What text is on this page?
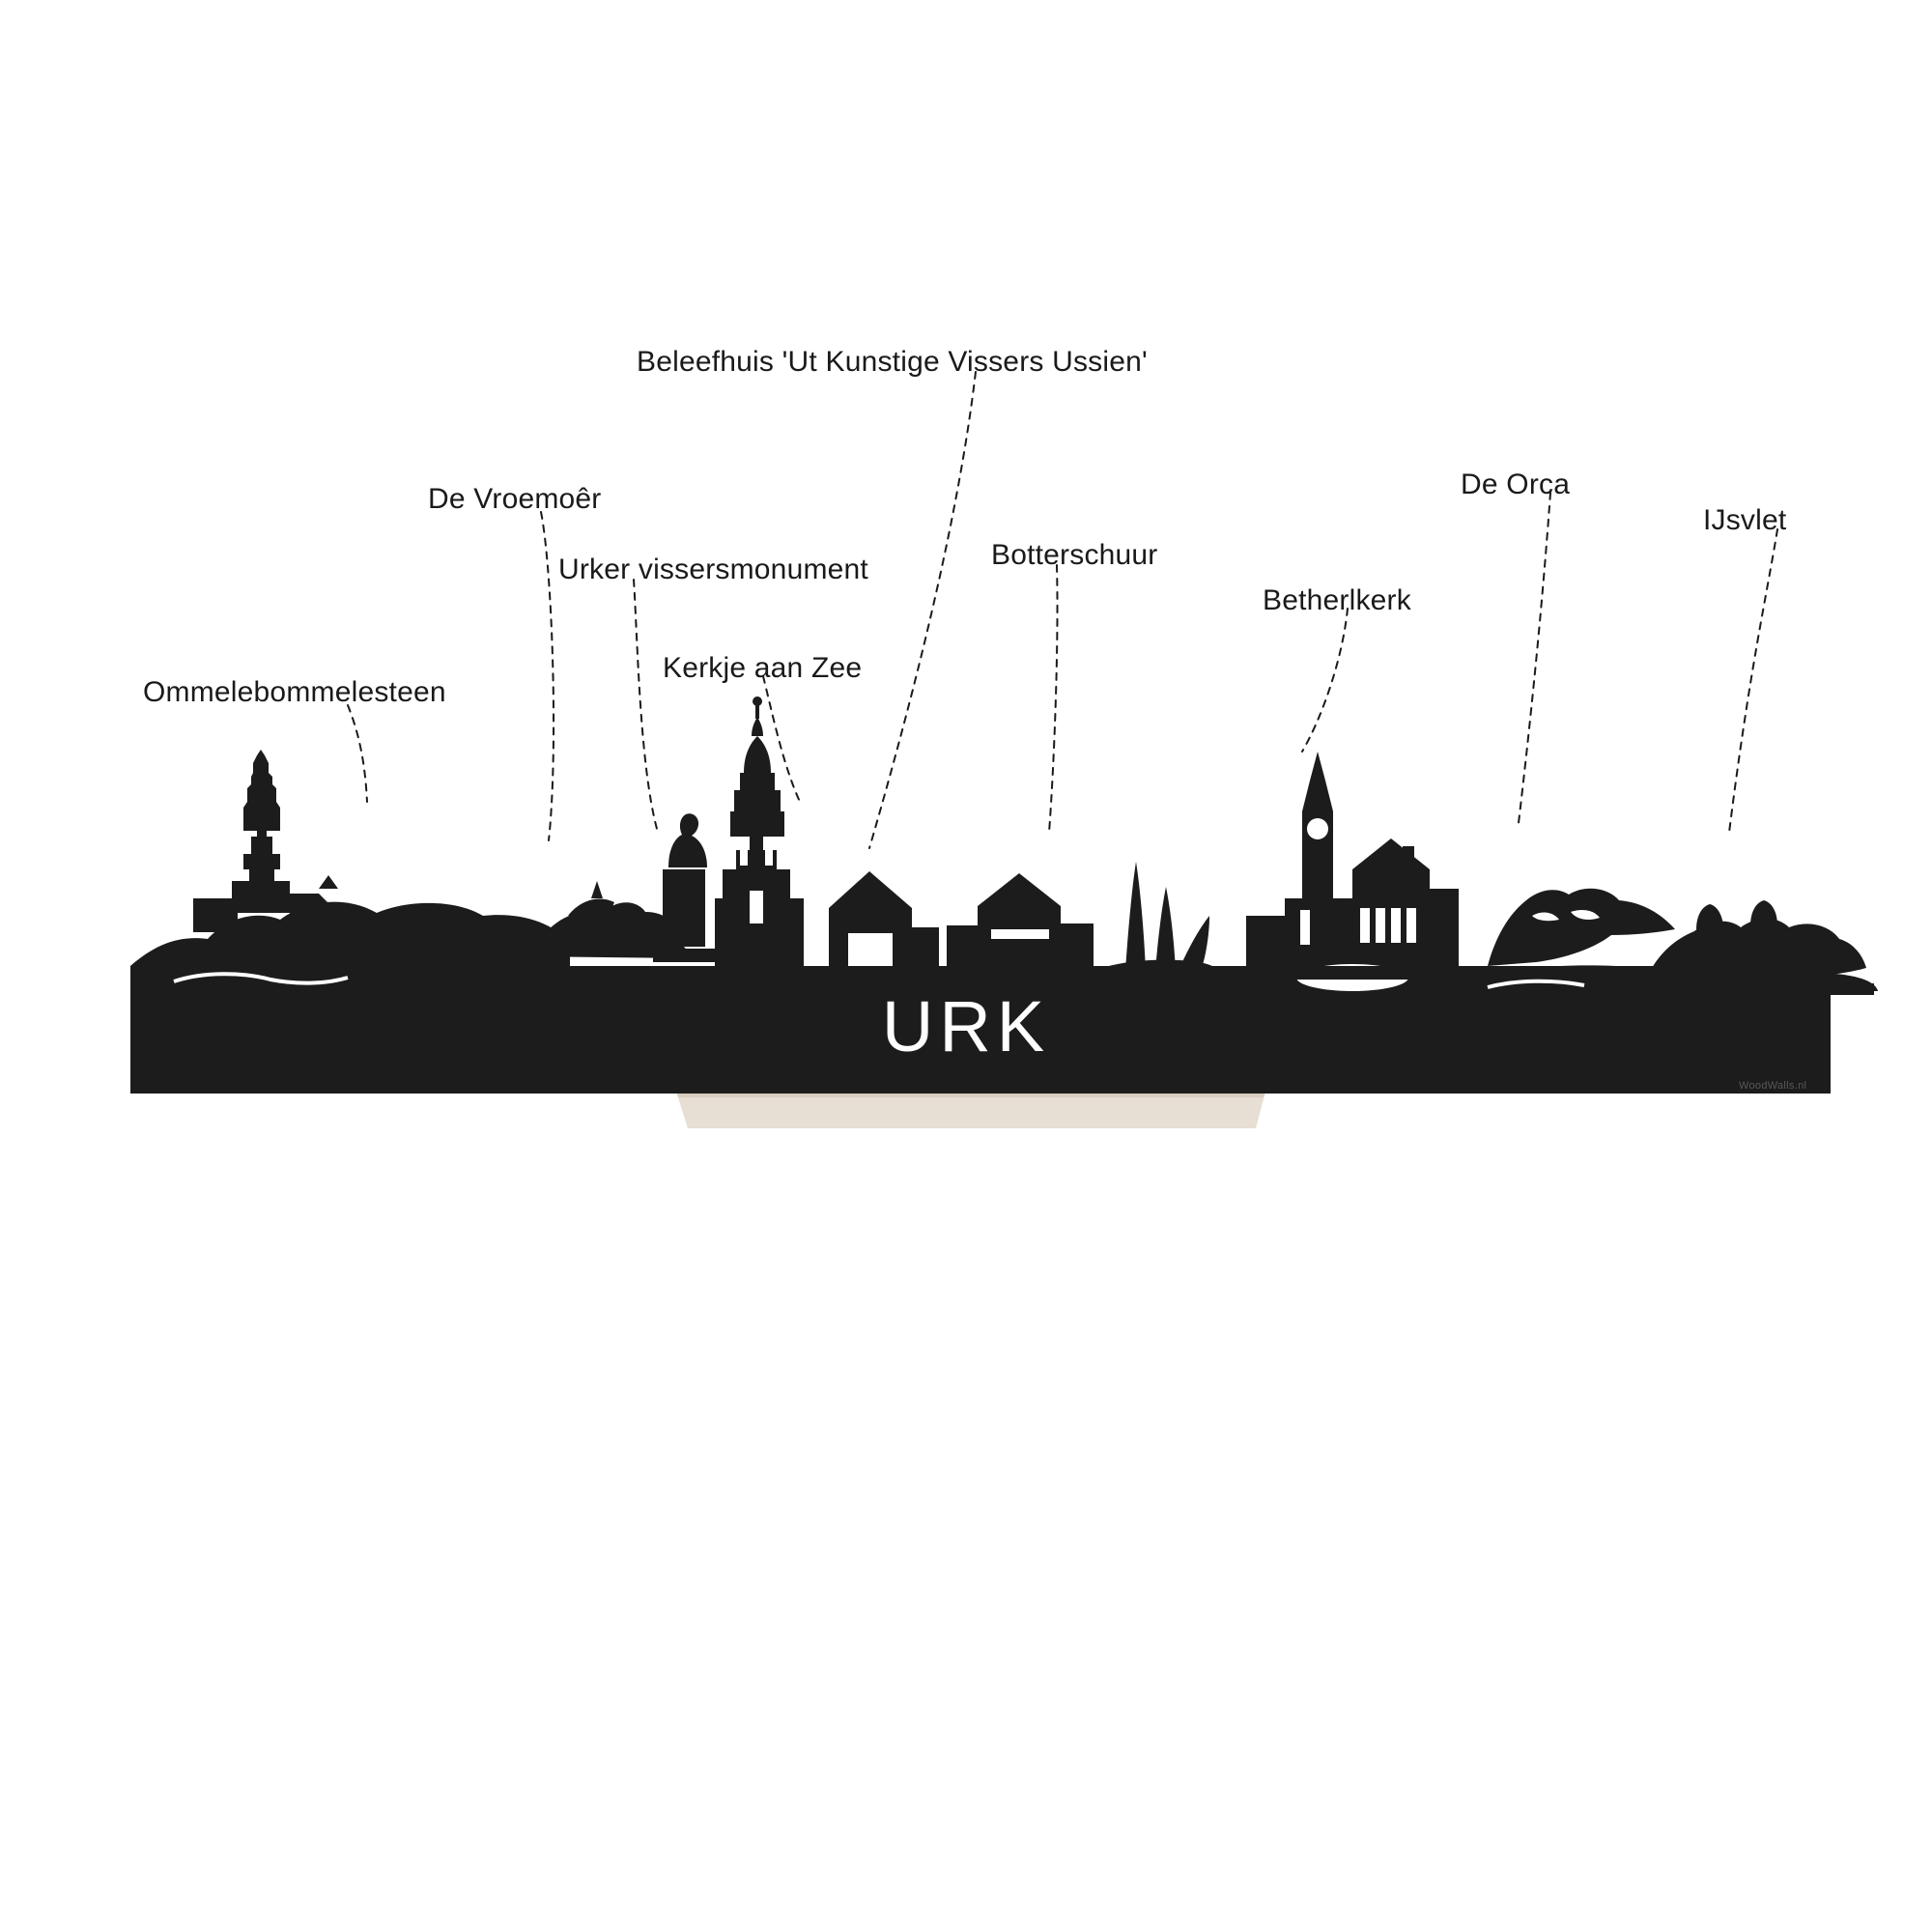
URK
Ommelebommelesteen
De Vroemoêr
Urker vissersmonument
Kerkje aan Zee
Beleefhuis 'Ut Kunstige Vissers Ussien'
Botterschuur
Betherlkerk
De Orca
IJsvlet
WoodWalls.nl
